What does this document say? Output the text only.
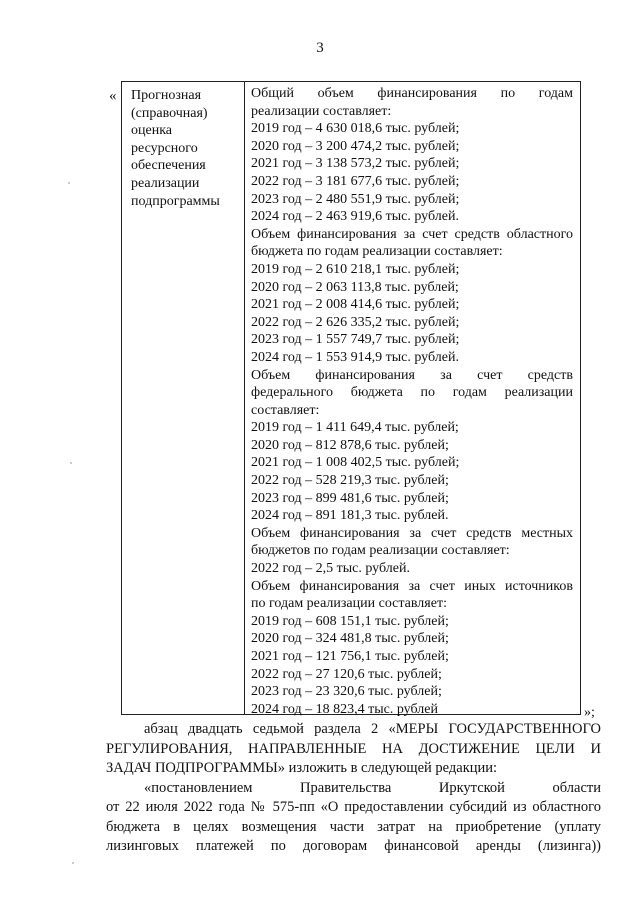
3
« Прогнозная
(справочная)
оценка
ресурсного
обеспечения
реализации
подпрограммы
Общий объем финансирования по годам
реализации составляет:
2019 год – 4 630 018,6 тыс. рублей;
2020 год – 3 200 474,2 тыс. рублей;
2021 год – 3 138 573,2 тыс. рублей;
2022 год – 3 181 677,6 тыс. рублей;
2023 год – 2 480 551,9 тыс. рублей;
2024 год – 2 463 919,6 тыс. рублей.
Объем финансирования за счет средств областного
бюджета по годам реализации составляет:
2019 год – 2 610 218,1 тыс. рублей;
2020 год – 2 063 113,8 тыс. рублей;
2021 год – 2 008 414,6 тыс. рублей;
2022 год – 2 626 335,2 тыс. рублей;
2023 год – 1 557 749,7 тыс. рублей;
2024 год – 1 553 914,9 тыс. рублей.
Объем финансирования за счет средств
федерального бюджета по годам реализации
составляет:
2019 год – 1 411 649,4 тыс. рублей;
2020 год – 812 878,6 тыс. рублей;
2021 год – 1 008 402,5 тыс. рублей;
2022 год – 528 219,3 тыс. рублей;
2023 год – 899 481,6 тыс. рублей;
2024 год – 891 181,3 тыс. рублей.
Объем финансирования за счет средств местных
бюджетов по годам реализации составляет:
2022 год – 2,5 тыс. рублей.
Объем финансирования за счет иных источников
по годам реализации составляет:
2019 год – 608 151,1 тыс. рублей;
2020 год – 324 481,8 тыс. рублей;
2021 год – 121 756,1 тыс. рублей;
2022 год – 27 120,6 тыс. рублей;
2023 год – 23 320,6 тыс. рублей;
2024 год – 18 823,4 тыс. рублей	»;
абзац двадцать седьмой раздела 2 «МЕРЫ ГОСУДАРСТВЕННОГО
РЕГУЛИРОВАНИЯ, НАПРАВЛЕННЫЕ НА ДОСТИЖЕНИЕ ЦЕЛИ И
ЗАДАЧ ПОДПРОГРАММЫ» изложить в следующей редакции:
«постановлением Правительства Иркутской области
от 22 июля 2022 года № 575-пп «О предоставлении субсидий из областного
бюджета в целях возмещения части затрат на приобретение (уплату
лизинговых платежей по договорам финансовой аренды (лизинга))
